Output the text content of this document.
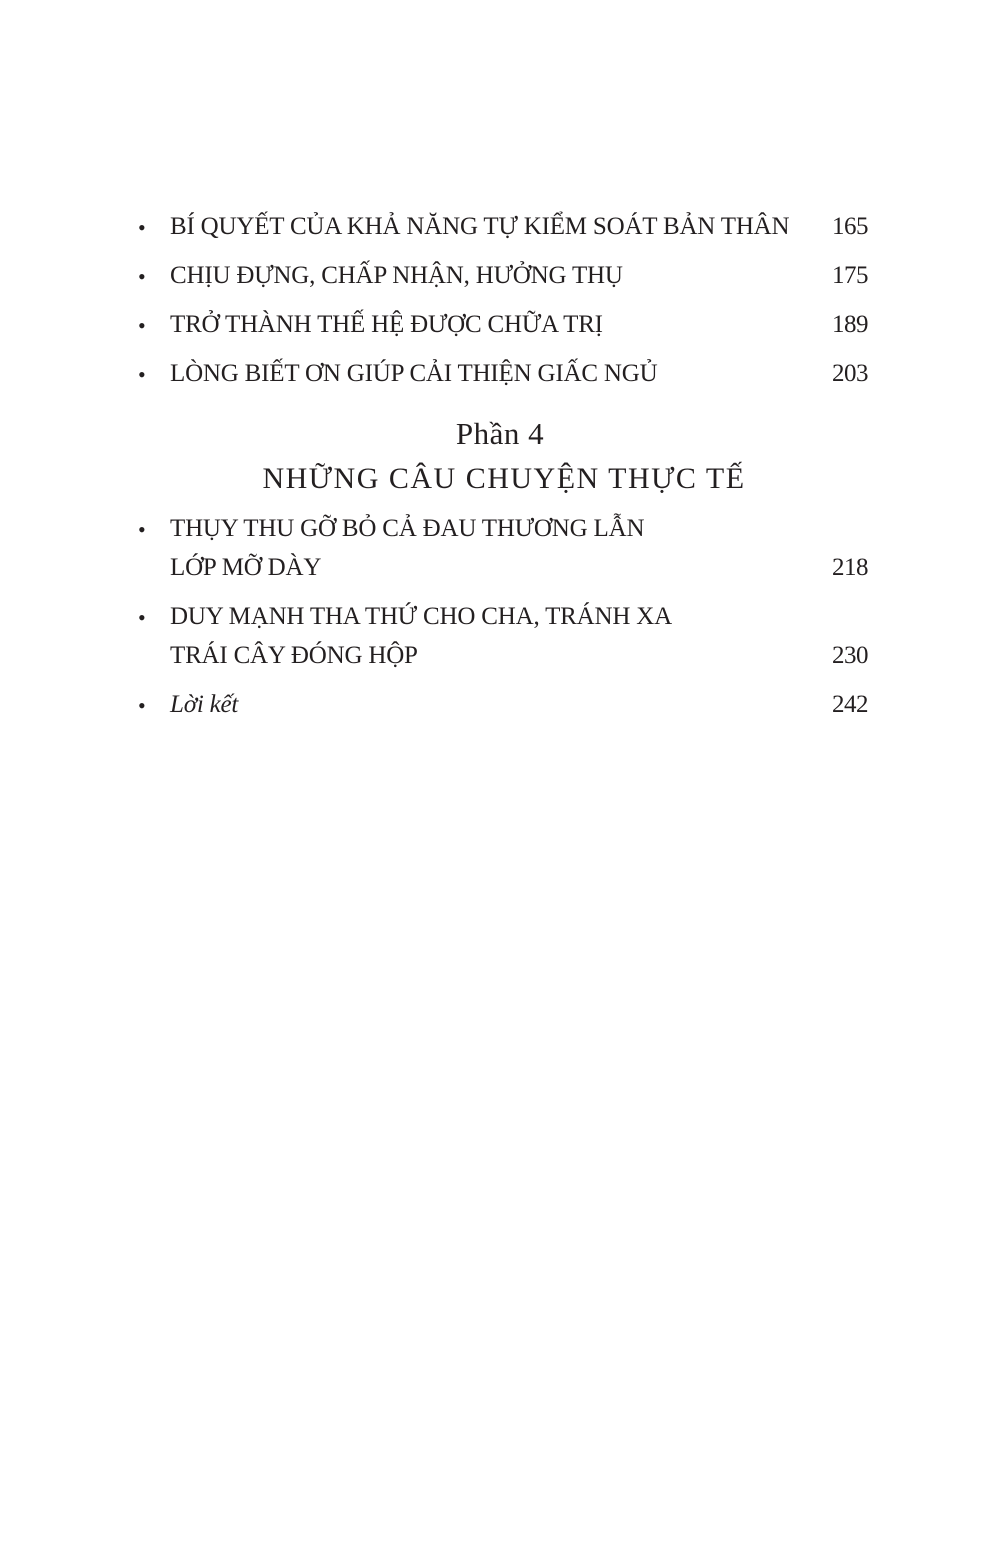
• BÍ QUYẾT CỦA KHẢ NĂNG TỰ KIỂM SOÁT BẢN THÂN	165
• CHỊU ĐỰNG, CHẤP NHẬN, HƯỞNG THỤ	175
• TRỞ THÀNH THẾ HỆ ĐƯỢC CHỮA TRỊ	189
• LÒNG BIẾT ƠN GIÚP CẢI THIỆN GIẤC NGỦ	203
Phần 4
NHỮNG CÂU CHUYỆN THỰC TẾ
• THỤY THU GỠ BỎ CẢ ĐAU THƯƠNG LẪN
LỚP MỠ DÀY	218
• DUY MẠNH THA THỨ CHO CHA, TRÁNH XA
TRÁI CÂY ĐÓNG HỘP	230
• Lời kết	242
